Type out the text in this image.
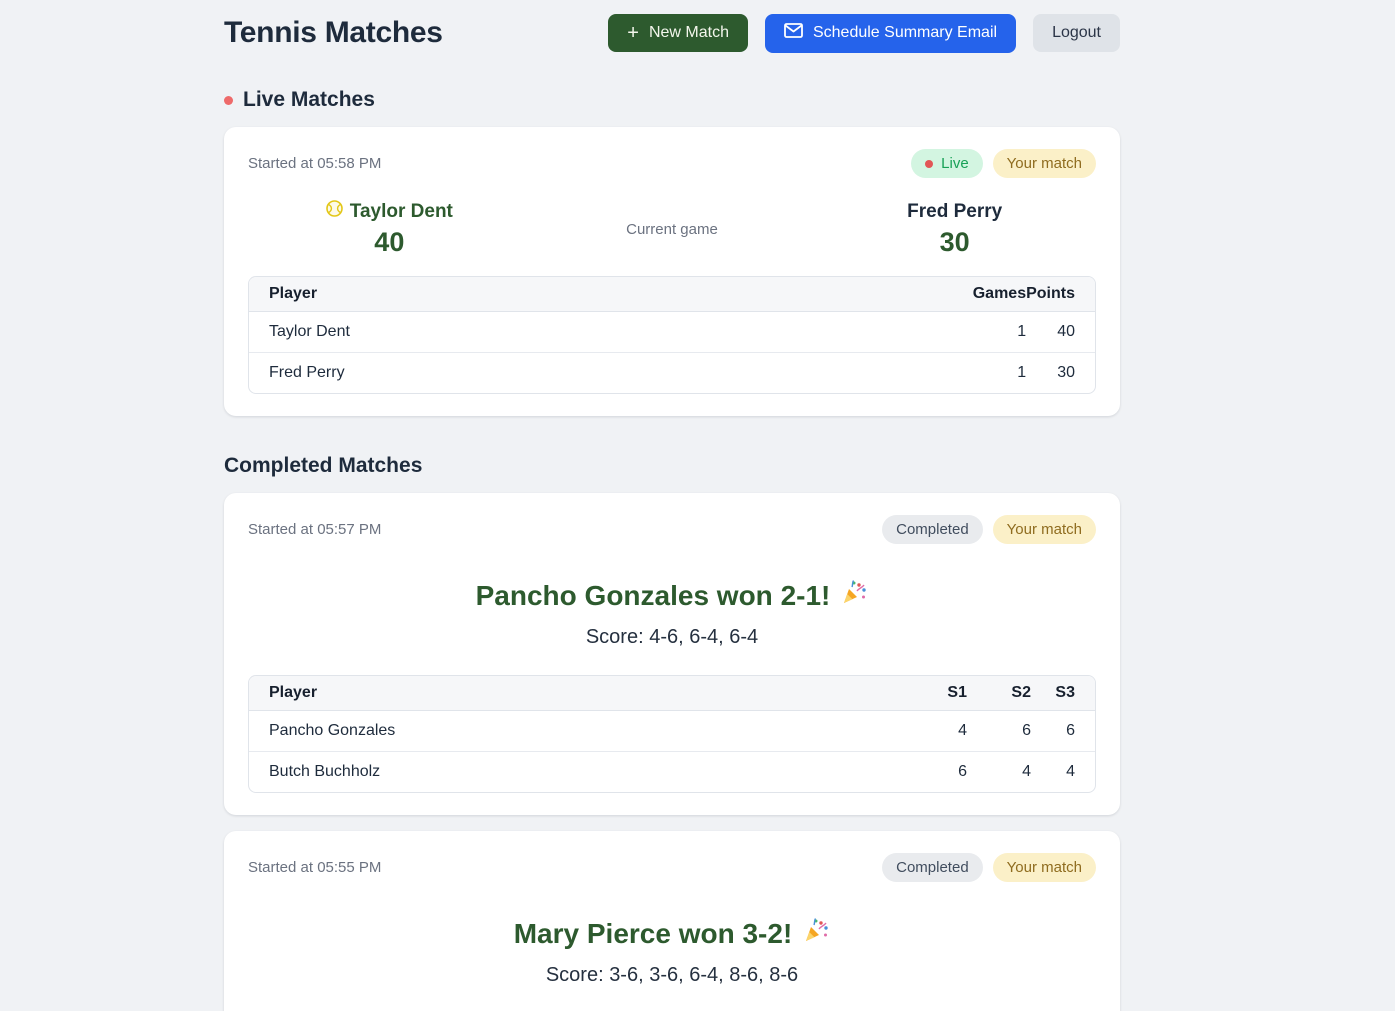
Tennis Matches	+ New Match	Schedule Summary Email	Logout
Live Matches
Started at 05:58 PM	Live	Your match
Taylor Dent
40	Current game
Fred Perry
30
Player	Games	Points
Taylor Dent	1	40
Fred Perry	1	30
Completed Matches
Started at 05:57 PM	Completed	Your match
Pancho Gonzales won 2-1!
Score: 4-6, 6-4, 6-4
Player	S1	S2	S3
Pancho Gonzales	4	6	6
Butch Buchholz	6	4	4
Started at 05:55 PM	Completed	Your match
Mary Pierce won 3-2!
Score: 3-6, 3-6, 6-4, 8-6, 8-6
